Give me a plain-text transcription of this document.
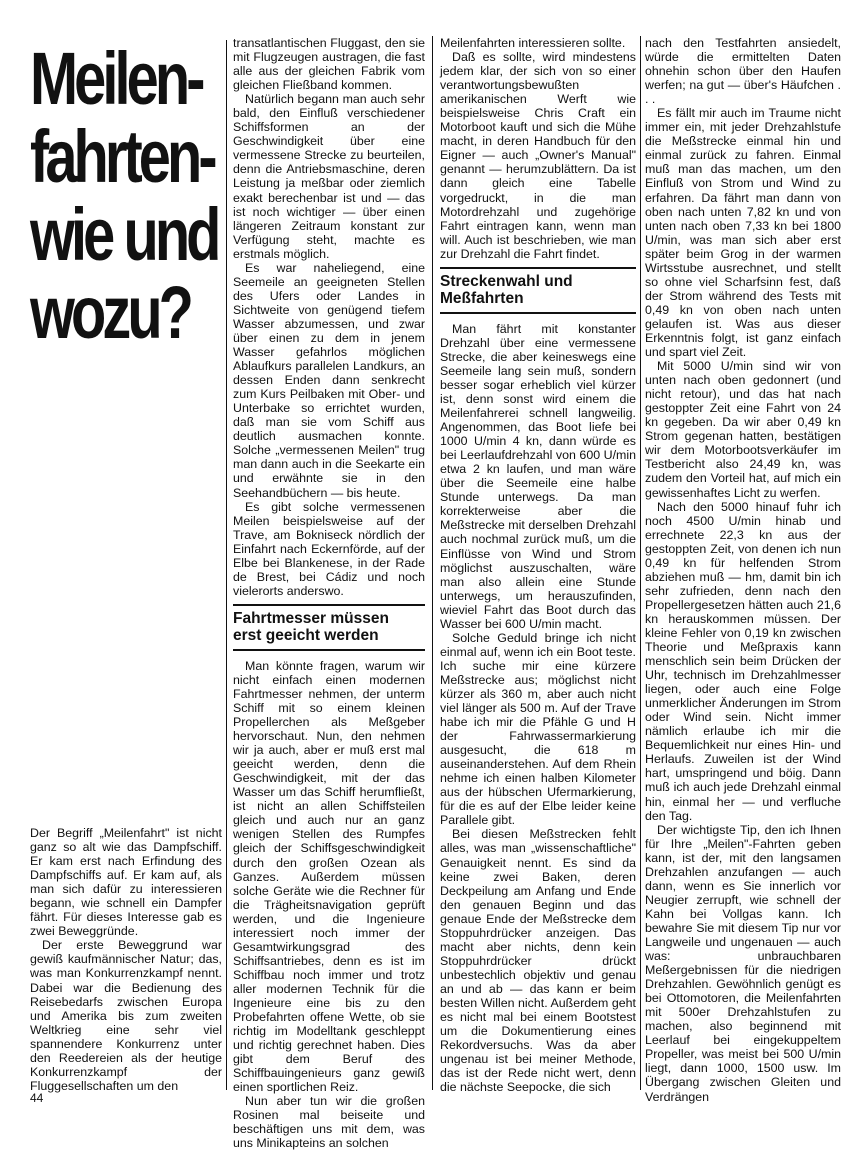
Meilen-
fahrten-
wie und
wozu?

Der Begriff „Meilenfahrt" ist nicht ganz so alt wie das Dampfschiff. Er kam erst nach Erfindung des Dampfschiffs auf. Er kam auf, als man sich dafür zu interessieren begann, wie schnell ein Dampfer fährt. Für dieses Interesse gab es zwei Beweggründe.

Der erste Beweggrund war gewiß kaufmännischer Natur; das, was man Konkurrenzkampf nennt. Dabei war die Bedienung des Reisebedarfs zwischen Europa und Amerika bis zum zweiten Weltkrieg eine sehr viel spannendere Konkurrenz unter den Reedereien als der heutige Konkurrenzkampf der Fluggesellschaften um den

transatlantischen Fluggast, den sie mit Flugzeugen austragen, die fast alle aus der gleichen Fabrik vom gleichen Fließband kommen.

Natürlich begann man auch sehr bald, den Einfluß verschiedener Schiffsformen an der Geschwindigkeit über eine vermessene Strecke zu beurteilen, denn die Antriebsmaschine, deren Leistung ja meßbar oder ziemlich exakt berechenbar ist und — das ist noch wichtiger — über einen längeren Zeitraum konstant zur Verfügung steht, machte es erstmals möglich.

Es war naheliegend, eine Seemeile an geeigneten Stellen des Ufers oder Landes in Sichtweite von genügend tiefem Wasser abzumessen, und zwar über einen zu dem in jenem Wasser gefahrlos möglichen Ablaufkurs parallelen Landkurs, an dessen Enden dann senkrecht zum Kurs Peilbaken mit Ober- und Unterbake so errichtet wurden, daß man sie vom Schiff aus deutlich ausmachen konnte. Solche „vermessenen Meilen" trug man dann auch in die Seekarte ein und erwähnte sie in den Seehandbüchern — bis heute.

Es gibt solche vermessenen Meilen beispielsweise auf der Trave, am Bokniseck nördlich der Einfahrt nach Eckernförde, auf der Elbe bei Blankenese, in der Rade de Brest, bei Cádiz und noch vielerorts anderswo.

Fahrtmesser müssen
erst geeicht werden

Man könnte fragen, warum wir nicht einfach einen modernen Fahrtmesser nehmen, der unterm Schiff mit so einem kleinen Propellerchen als Meßgeber hervorschaut. Nun, den nehmen wir ja auch, aber er muß erst mal geeicht werden, denn die Geschwindigkeit, mit der das Wasser um das Schiff herumfließt, ist nicht an allen Schiffsteilen gleich und auch nur an ganz wenigen Stellen des Rumpfes gleich der Schiffsgeschwindigkeit durch den großen Ozean als Ganzes. Außerdem müssen solche Geräte wie die Rechner für die Trägheitsnavigation geprüft werden, und die Ingenieure interessiert noch immer der Gesamtwirkungsgrad des Schiffsantriebes, denn es ist im Schiffbau noch immer und trotz aller modernen Technik für die Ingenieure eine bis zu den Probefahrten offene Wette, ob sie richtig im Modelltank geschleppt und richtig gerechnet haben. Dies gibt dem Beruf des Schiffbauingenieurs ganz gewiß einen sportlichen Reiz.

Nun aber tun wir die großen Rosinen mal beiseite und beschäftigen uns mit dem, was uns Minikapteins an solchen

Meilenfahrten interessieren sollte.

Daß es sollte, wird mindestens jedem klar, der sich von so einer verantwortungsbewußten amerikanischen Werft wie beispielsweise Chris Craft ein Motorboot kauft und sich die Mühe macht, in deren Handbuch für den Eigner — auch „Owner's Manual" genannt — herumzublättern. Da ist dann gleich eine Tabelle vorgedruckt, in die man Motordrehzahl und zugehörige Fahrt eintragen kann, wenn man will. Auch ist beschrieben, wie man zur Drehzahl die Fahrt findet.

Streckenwahl und
Meßfahrten

Man fährt mit konstanter Drehzahl über eine vermessene Strecke, die aber keineswegs eine Seemeile lang sein muß, sondern besser sogar erheblich viel kürzer ist, denn sonst wird einem die Meilenfahrerei schnell langweilig. Angenommen, das Boot liefe bei 1000 U/min 4 kn, dann würde es bei Leerlaufdrehzahl von 600 U/min etwa 2 kn laufen, und man wäre über die Seemeile eine halbe Stunde unterwegs. Da man korrekterweise aber die Meßstrecke mit derselben Drehzahl auch nochmal zurück muß, um die Einflüsse von Wind und Strom möglichst auszuschalten, wäre man also allein eine Stunde unterwegs, um herauszufinden, wieviel Fahrt das Boot durch das Wasser bei 600 U/min macht.

Solche Geduld bringe ich nicht einmal auf, wenn ich ein Boot teste. Ich suche mir eine kürzere Meßstrecke aus; möglichst nicht kürzer als 360 m, aber auch nicht viel länger als 500 m. Auf der Trave habe ich mir die Pfähle G und H der Fahrwassermarkierung ausgesucht, die 618 m auseinanderstehen. Auf dem Rhein nehme ich einen halben Kilometer aus der hübschen Ufermarkierung, für die es auf der Elbe leider keine Parallele gibt.

Bei diesen Meßstrecken fehlt alles, was man „wissenschaftliche" Genauigkeit nennt. Es sind da keine zwei Baken, deren Deckpeilung am Anfang und Ende den genauen Beginn und das genaue Ende der Meßstrecke dem Stoppuhrdrücker anzeigen. Das macht aber nichts, denn kein Stoppuhrdrücker drückt unbestechlich objektiv und genau an und ab — das kann er beim besten Willen nicht. Außerdem geht es nicht mal bei einem Bootstest um die Dokumentierung eines Rekordversuchs. Was da aber ungenau ist bei meiner Methode, das ist der Rede nicht wert, denn die nächste Seepocke, die sich

nach den Testfahrten ansiedelt, würde die ermittelten Daten ohnehin schon über den Haufen werfen; na gut — über's Häufchen . . .

Es fällt mir auch im Traume nicht immer ein, mit jeder Drehzahlstufe die Meßstrecke einmal hin und einmal zurück zu fahren. Einmal muß man das machen, um den Einfluß von Strom und Wind zu erfahren. Da fährt man dann von oben nach unten 7,82 kn und von unten nach oben 7,33 kn bei 1800 U/min, was man sich aber erst später beim Grog in der warmen Wirtsstube ausrechnet, und stellt so ohne viel Scharfsinn fest, daß der Strom während des Tests mit 0,49 kn von oben nach unten gelaufen ist. Was aus dieser Erkenntnis folgt, ist ganz einfach und spart viel Zeit.

Mit 5000 U/min sind wir von unten nach oben gedonnert (und nicht retour), und das hat nach gestoppter Zeit eine Fahrt von 24 kn gegeben. Da wir aber 0,49 kn Strom gegenan hatten, bestätigen wir dem Motorbootsverkäufer im Testbericht also 24,49 kn, was zudem den Vorteil hat, auf mich ein gewissenhaftes Licht zu werfen.

Nach den 5000 hinauf fuhr ich noch 4500 U/min hinab und errechnete 22,3 kn aus der gestoppten Zeit, von denen ich nun 0,49 kn für helfenden Strom abziehen muß — hm, damit bin ich sehr zufrieden, denn nach den Propellergesetzen hätten auch 21,6 kn herauskommen müssen. Der kleine Fehler von 0,19 kn zwischen Theorie und Meßpraxis kann menschlich sein beim Drücken der Uhr, technisch im Drehzahlmesser liegen, oder auch eine Folge unmerklicher Änderungen im Strom oder Wind sein. Nicht immer nämlich erlaube ich mir die Bequemlichkeit nur eines Hin- und Herlaufs. Zuweilen ist der Wind hart, umspringend und böig. Dann muß ich auch jede Drehzahl einmal hin, einmal her — und verfluche den Tag.

Der wichtigste Tip, den ich Ihnen für Ihre „Meilen"-Fahrten geben kann, ist der, mit den langsamen Drehzahlen anzufangen — auch dann, wenn es Sie innerlich vor Neugier zerrupft, wie schnell der Kahn bei Vollgas kann. Ich bewahre Sie mit diesem Tip nur vor Langweile und ungenauen — auch was: unbrauchbaren Meßergebnissen für die niedrigen Drehzahlen. Gewöhnlich genügt es bei Ottomotoren, die Meilenfahrten mit 500er Drehzahlstufen zu machen, also beginnend mit Leerlauf bei eingekuppeltem Propeller, was meist bei 500 U/min liegt, dann 1000, 1500 usw. Im Übergang zwischen Gleiten und Verdrängen

44
